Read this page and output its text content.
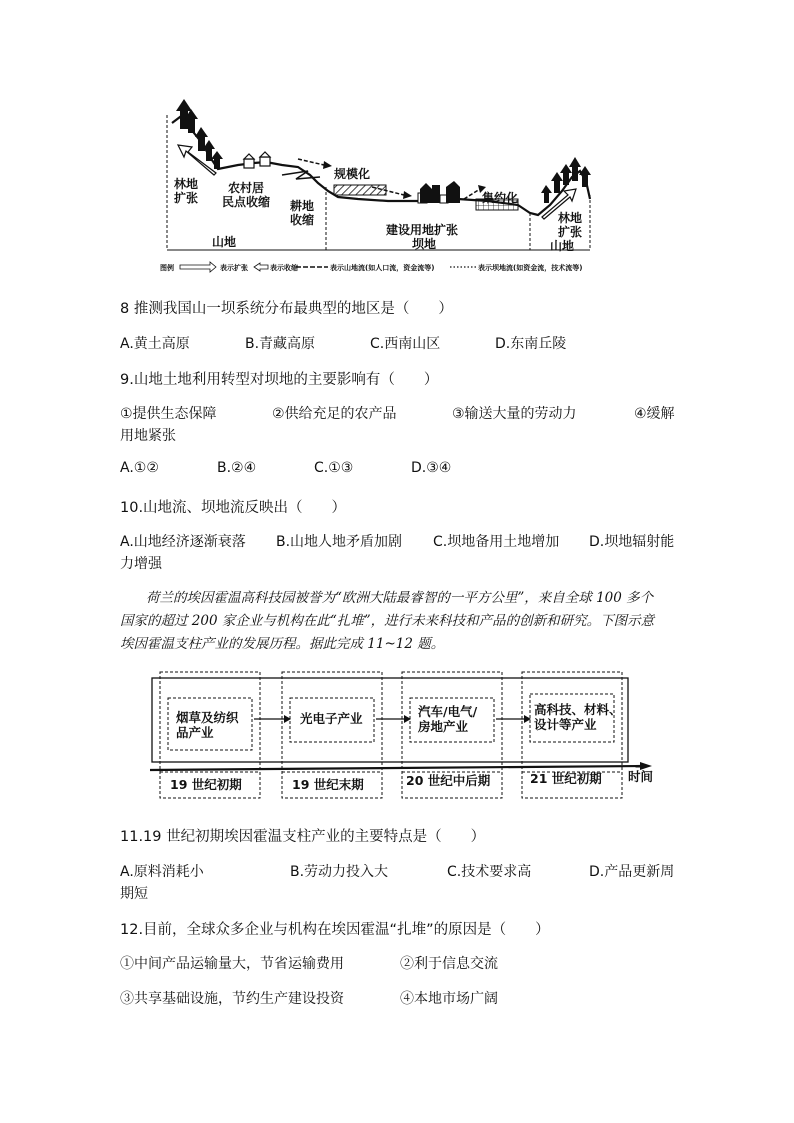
林地
扩张
农村居
民点收缩 耕地
收缩
规模化
建设用地扩张
集约化
林地
扩张
山地	坝地	山地
图例	表示扩张	表示收缩	表示山地流(如人口流，资金流等)	表示坝地流(如资金流，技术流等)
8 推测我国山一坝系统分布最典型的地区是（　　）
A.黄土高原	B.青藏高原	C.西南山区	D.东南丘陵
9.山地土地利用转型对坝地的主要影响有（　　）
①提供生态保障	②供给充足的农产品	③输送大量的劳动力	④缓解
用地紧张
A.①②	B.②④	C.①③	D.③④
10.山地流、坝地流反映出（　　）
A.山地经济逐渐衰落 B.山地人地矛盾加剧 C.坝地备用土地增加 D.坝地辐射能
力增强
荷兰的埃因霍温高科技园被誉为“欧洲大陆最睿智的一平方公里”，来自全球 100 多个
国家的超过 200 家企业与机构在此“扎堆”，进行未来科技和产品的创新和研究。下图示意
埃因霍温支柱产业的发展历程。据此完成 11~12 题。
烟草及纺织
品产业
光电子产业	汽车/电气/
房地产业
高科技、材料、
设计等产业
19 世纪初期	19 世纪末期	20 世纪中后期	21 世纪初期 时间
11.19 世纪初期埃因霍温支柱产业的主要特点是（　　）
A.原料消耗小	B.劳动力投入大	C.技术要求高	D.产品更新周
期短
12.目前，全球众多企业与机构在埃因霍温“扎堆”的原因是（　　）
①中间产品运输量大，节省运输费用	②利于信息交流
③共享基础设施，节约生产建设投资	④本地市场广阔
